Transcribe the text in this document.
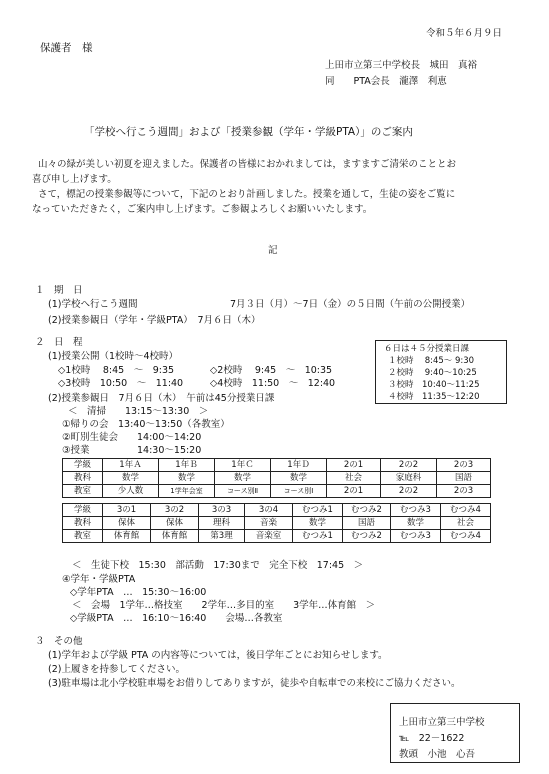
令和５年６月９日
保護者　様
上田市立第三中学校長　城田　真裕
同　　PTA会長　瀧澤　利恵
「学校へ行こう週間」および「授業参観（学年・学級PTA）」のご案内
山々の緑が美しい初夏を迎えました。保護者の皆様におかれましては，ますますご清栄のこととお
喜び申し上げます。
さて，標記の授業参観等について，下記のとおり計画しました。授業を通して，生徒の姿をご覧に
なっていただきたく，ご案内申し上げます。ご参観よろしくお願いいたします。
記
１　期　日
(1)学校へ行こう週間	7月３日（月）～7日（金）の５日間（午前の公開授業）
(2)授業参観日（学年・学級PTA）　7月６日（木）
２　日　程
(1)授業公開（1校時～4校時）
◇1校時　 8:45　～　9:35	◇2校時　 9:45　～　10:35
◇3校時　10:50　～　11:40	◇4校時　11:50　～　12:40
(2)授業参観日　7月６日（木）　午前は45分授業日課
＜　清掃　　13:15～13:30　＞
①帰りの会　13:40～13:50（各教室）
②町別生徒会　　14:00～14:20
③授業　　　　　14:30～15:20
６日は４５分授業日課
１校時　 8:45～ 9:30
２校時　 9:40～10:25
３校時　10:40～11:25
４校時　11:35～12:20
学級	1年Ａ	1年Ｂ	1年Ｃ	1年Ｄ	2の1	2の2	2の3
教科	数学	数学	数学	数学	社会	家庭科	国語
教室	少人数	1学年会室	コース別Ⅱ	コース別Ⅰ	2の1	2の2	2の3
学級	3の1	3の2	3の3	3の4	むつみ1	むつみ2	むつみ3	むつみ4
教科	保体	保体	理科	音楽	数学	国語	数学	社会
教室	体育館	体育館	第3理	音楽室	むつみ1	むつみ2	むつみ3	むつみ4
＜　生徒下校　15:30　部活動　17:30まで　完全下校　17:45　＞
④学年・学級PTA
◇学年PTA　…　15:30～16:00
＜　会場　1学年…格技室　　2学年…多目的室　　3学年…体育館　＞
◇学級PTA　…　16:10～16:40　　会場…各教室
３　その他
(1)学年および学級 PTA の内容等については，後日学年ごとにお知らせします。
(2)上履きを持参してください。
(3)駐車場は北小学校駐車場をお借りしてありますが，徒歩や自転車での来校にご協力ください。
上田市立第三中学校
℡　22－1622
教頭　小池　心吾
